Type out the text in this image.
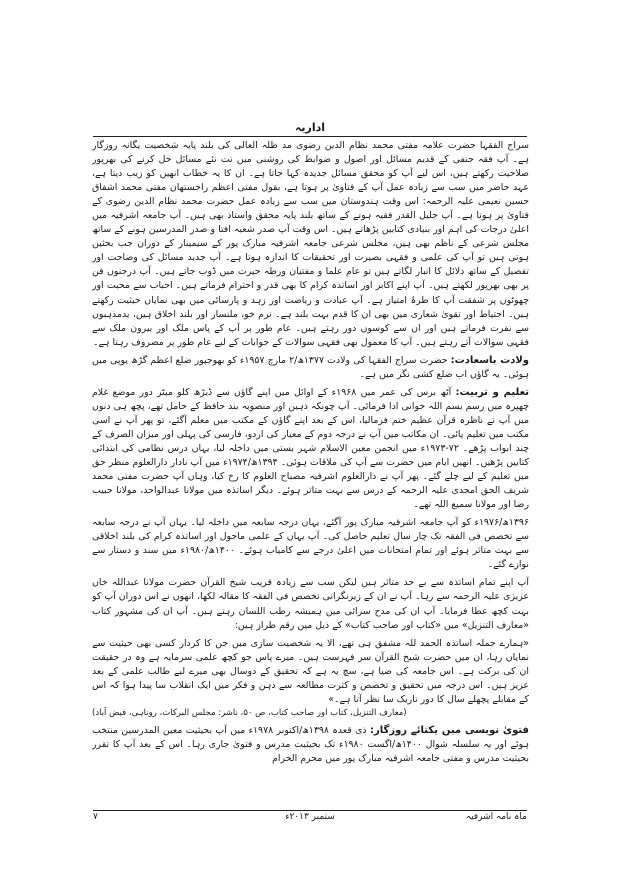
اداریہ

سراج الفقہا حضرت علامہ مفتی محمد نظام الدین رضوی مد ظلہ العالی کی بلند پایہ شخصیت یگانہ روزگار ہے۔ آپ فقہ حنفی کے قدیم مسائل اور اصول و ضوابط کی روشنی میں نت نئے مسائل حل کرنے کی بھرپور صلاحیت رکھتے ہیں، اس لیے آپ کو محقق مسائل جدیدہ کہا جاتا ہے۔ ان کا یہ خطاب انھیں کو زیب دیتا ہے، عہد حاضر میں سب سے زیادہ عمل آپ کے فتاویٰ پر ہوتا ہے، بقول مفتی اعظم راجستھان مفتی محمد اشفاق حسین نعیمی علیہ الرحمہ: اس وقت ہندوستان میں سب سے زیادہ عمل حضرت محمد نظام الدین رضوی کے فتاویٰ پر ہوتا ہے۔ آپ جلیل القدر فقیہ ہونے کے ساتھ بلند پایہ محقق واستاذ بھی ہیں۔ آپ جامعہ اشرفیہ میں اعلیٰ درجات کی اہم اور بنیادی کتابیں پڑھاتے ہیں۔ اس وقت آپ صدر شعبہ افتا و صدر المدرسین ہونے کے ساتھ مجلس شرعی کے ناظم بھی ہیں، مجلس شرعی جامعہ اشرفیہ مبارک پور کے سیمینار کے دوران جب بحثیں ہوتی ہیں تو آپ کی علمی و فقہی بصیرت اور تحقیقات کا اندازہ ہوتا ہے۔ آپ جدید مسائل کی وضاحت اور تفصیل کے ساتھ دلائل کا انبار لگاتے ہیں تو عام علما و مفتیان ورطہ حیرت میں ڈوب جاتے ہیں۔ آپ درجنوں فن پر بھی بھرپور لکھتے ہیں۔ آپ اپنے اکابر اور اساتذہ کرام کا بھی قدر و احترام فرماتے ہیں۔ احباب سے محبت اور چھوٹوں پر شفقت آپ کا طرۂ امتیاز ہے۔ آپ عبادت و ریاضت اور زہد و پارسائی میں بھی نمایاں حیثیت رکھتے ہیں۔ احتیاط اور تقویٰ شعاری میں بھی ان کا قدم بہت بلند ہے۔ نرم خو، ملنسار اور بلند اخلاق ہیں، بدمذہبوں سے نفرت فرماتے ہیں اور ان سے کوسوں دور رہتے ہیں۔ عام طور پر آپ کے پاس ملک اور بیرون ملک سے فقہی سوالات آتے رہتے ہیں۔ آپ کا معمول بھی فقہی سوالات کے جوابات کے لیے عام طور پر مصروف رہتا ہے۔

ولادت باسعادت: حضرت سراج الفقہا کی ولادت ۱۳۷۷ھ/۲ مارچ ۱۹۵۷ء کو بھوجپور ضلع اعظم گڑھ یوپی میں ہوئی۔ یہ گاؤں اب ضلع کشی نگر میں ہے۔

تعلیم و تربیت: آٹھ برس کی عمر میں ۱۹۶۸ء کے اوائل میں اپنے گاؤں سے ڈیڑھ کلو میٹر دور موضع غلام چھپرہ میں رسم بسم اللہ خوانی ادا فرمائی۔ آپ چونکہ ذہین اور منصوبہ بند حافظ کے حامل تھے، پچھ ہی دنوں میں آپ نے ناظرہ قرآن عظیم ختم فرمالیا، اس کے بعد اپنے گاؤں کے مکتب میں معلم آگئے، تو پھر آپ نے اسی مکتب میں تعلیم پائی۔ ان مکاتب میں آپ نے درجہ دوم کے معیار کی اردو، فارسی کی پہلی اور میزان الصرف کے چند ابواب پڑھے۔ ۷۲-۱۹۷۳ء میں انجمن معین الاسلام شہر بستی میں داخلہ لیا، یہاں درس نظامی کی ابتدائی کتابیں پڑھیں۔ انھیں ایام میں حضرت سے آپ کی ملاقات ہوئی۔ ۱۳۹۴ھ/۱۹۷۴ء میں آپ نادار دارالعلوم منظر حق میں تعلیم کے لیے چلے گئے۔ پھر آپ نے دارالعلوم اشرفیہ مصباح العلوم کا رخ کیا، وہاں آپ حضرت مفتی محمد شریف الحق امجدی علیہ الرحمہ کے درس سے بہت متاثر ہوئے۔ دیگر اساتذہ میں مولانا عبدالواحد، مولانا حبیب رضا اور مولانا سمیع اللہ تھے۔

۱۳۹۶ھ/۱۹۷۶ء کو آپ جامعہ اشرفیہ مبارک پور آگئے، یہاں درجہ سابعہ میں داخلہ لیا۔ یہاں آپ نے درجہ سابعہ سے تخصص فی الفقہ تک چار سال تعلیم حاصل کی۔ آپ یہاں کے علمی ماحول اور اساتذہ کرام کی بلند اخلاقی سے بہت متاثر ہوئے اور تمام امتحانات میں اعلیٰ درجے سے کامیاب ہوئے۔ ۱۴۰۰ھ/۱۹۸۰ء میں سند و دستار سے نوازے گئے۔

آپ اپنے تمام اساتذہ سے بے حد متاثر ہیں لیکن سب سے زیادہ قریب شیخ القرآن حضرت مولانا عبداللہ خاں عزیزی علیہ الرحمہ سے رہا۔ آپ نے ان کے زیرنگرانی تخصص فی الفقہ کا مقالہ لکھا، انھوں نے اس دوران آپ کو بہت کچھ عطا فرمایا۔ آپ ان کی مدح سرائی میں ہمیشہ رطب اللسان رہتے ہیں۔ آپ ان کی مشہور کتاب «معارف التنزیل» میں «کتاب اور صاحب کتاب» کے ذیل میں رقم طراز ہیں:

«ہمارے جملہ اساتذہ الحمد للہ مشفق ہی تھے، الا یہ شخصیت سازی میں جن کا کردار کسی بھی حیثیت سے نمایاں رہا، ان میں حضرت شیخ القرآن سر فہرست ہیں۔ میرے پاس جو کچھ علمی سرمایہ ہے وہ در حقیقت ان کی برکت ہے۔ اس جامعہ کی ضیا ہے، سچ یہ ہے کہ تحقیق کے دوسال بھی میرے لیے طالب علمی کے بعد عزیز ہیں۔ اس درجہ میں تحقیق و تخصص و کثرت مطالعہ سے ذہن و فکر میں ایک انقلاب سا پیدا ہوا کہ اس کے مقابلے پچھلے سال کا دور تاریک سا نظر آتا ہے۔»
(معارف التنزیل، کتاب اور صاحب کتاب، ص ۵۰، ناشر: مجلس البرکات، روناہی، فیض آباد)

فتویٰ نویسی میں یکتائے روزگار: ذی قعدہ ۱۳۹۸ھ/اکتوبر ۱۹۷۸ء میں آپ بحیثیت معین المدرسین منتخب ہوئے اور یہ سلسلہ شوال ۱۴۰۰ھ/اگست ۱۹۸۰ء تک بحیثیت مدرس و فتویٰ جاری رہا۔ اس کے بعد آپ کا تقرر بحیثیت مدرس و مفتی جامعہ اشرفیہ مبارک پور میں محرم الحرام

ماہ نامہ اشرفیہ
ستمبر ۲۰۱۳ء
۷
